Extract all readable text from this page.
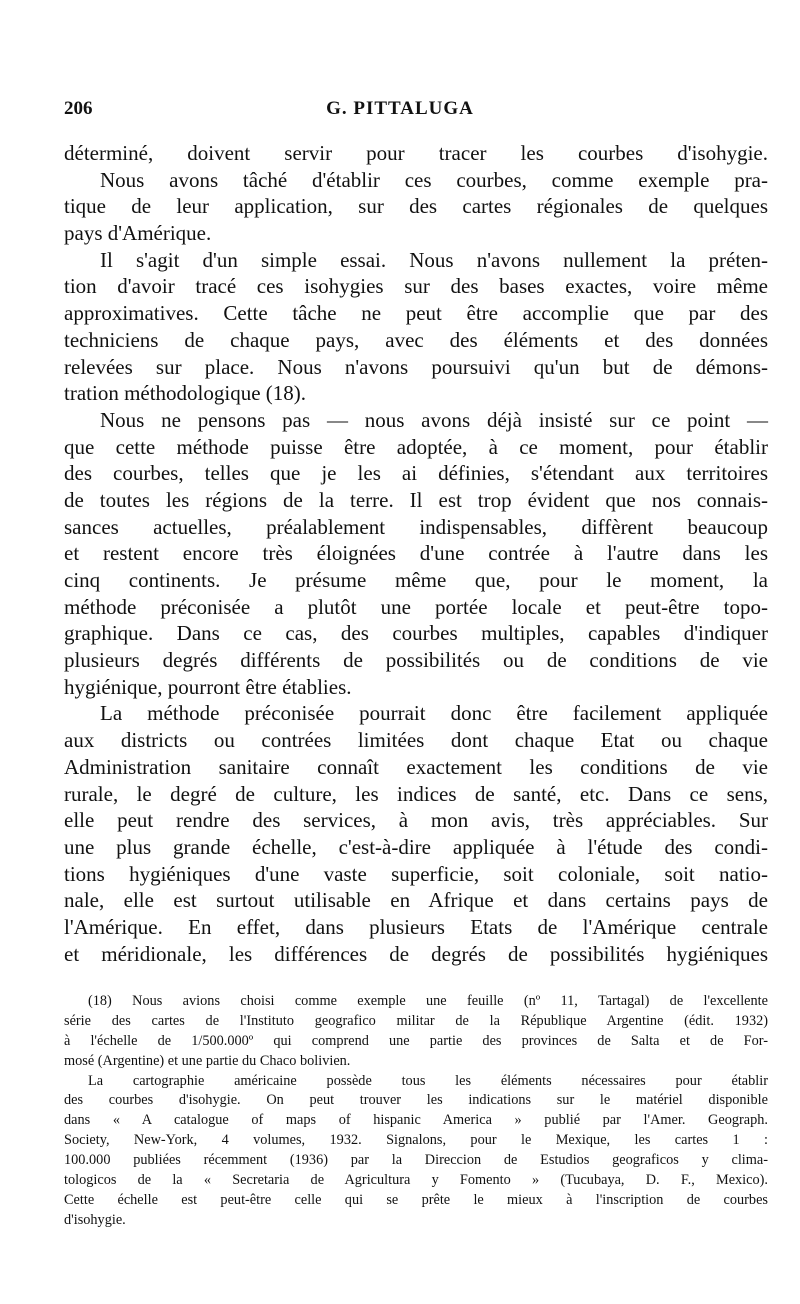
206	G. PITTALUGA
déterminé, doivent servir pour tracer les courbes d'isohygie.
Nous avons tâché d'établir ces courbes, comme exemple pra-
tique de leur application, sur des cartes régionales de quelques
pays d'Amérique.
Il s'agit d'un simple essai. Nous n'avons nullement la préten-
tion d'avoir tracé ces isohygies sur des bases exactes, voire même
approximatives. Cette tâche ne peut être accomplie que par des
techniciens de chaque pays, avec des éléments et des données
relevées sur place. Nous n'avons poursuivi qu'un but de démons-
tration méthodologique (18).
Nous ne pensons pas — nous avons déjà insisté sur ce point —
que cette méthode puisse être adoptée, à ce moment, pour établir
des courbes, telles que je les ai définies, s'étendant aux territoires
de toutes les régions de la terre. Il est trop évident que nos connais-
sances actuelles, préalablement indispensables, diffèrent beaucoup
et restent encore très éloignées d'une contrée à l'autre dans les
cinq continents. Je présume même que, pour le moment, la
méthode préconisée a plutôt une portée locale et peut-être topo-
graphique. Dans ce cas, des courbes multiples, capables d'indiquer
plusieurs degrés différents de possibilités ou de conditions de vie
hygiénique, pourront être établies.
La méthode préconisée pourrait donc être facilement appliquée
aux districts ou contrées limitées dont chaque Etat ou chaque
Administration sanitaire connaît exactement les conditions de vie
rurale, le degré de culture, les indices de santé, etc. Dans ce sens,
elle peut rendre des services, à mon avis, très appréciables. Sur
une plus grande échelle, c'est-à-dire appliquée à l'étude des condi-
tions hygiéniques d'une vaste superficie, soit coloniale, soit natio-
nale, elle est surtout utilisable en Afrique et dans certains pays de
l'Amérique. En effet, dans plusieurs Etats de l'Amérique centrale
et méridionale, les différences de degrés de possibilités hygiéniques
(18) Nous avions choisi comme exemple une feuille (nº 11, Tartagal) de l'excellente
série des cartes de l'Instituto geografico militar de la République Argentine (édit. 1932)
à l'échelle de 1/500.000º qui comprend une partie des provinces de Salta et de For-
mosé (Argentine) et une partie du Chaco bolivien.
La cartographie américaine possède tous les éléments nécessaires pour établir
des courbes d'isohygie. On peut trouver les indications sur le matériel disponible
dans « A catalogue of maps of hispanic America » publié par l'Amer. Geograph.
Society, New-York, 4 volumes, 1932. Signalons, pour le Mexique, les cartes 1 :
100.000 publiées récemment (1936) par la Direccion de Estudios geograficos y clima-
tologicos de la « Secretaria de Agricultura y Fomento » (Tucubaya, D. F., Mexico).
Cette échelle est peut-être celle qui se prête le mieux à l'inscription de courbes
d'isohygie.
